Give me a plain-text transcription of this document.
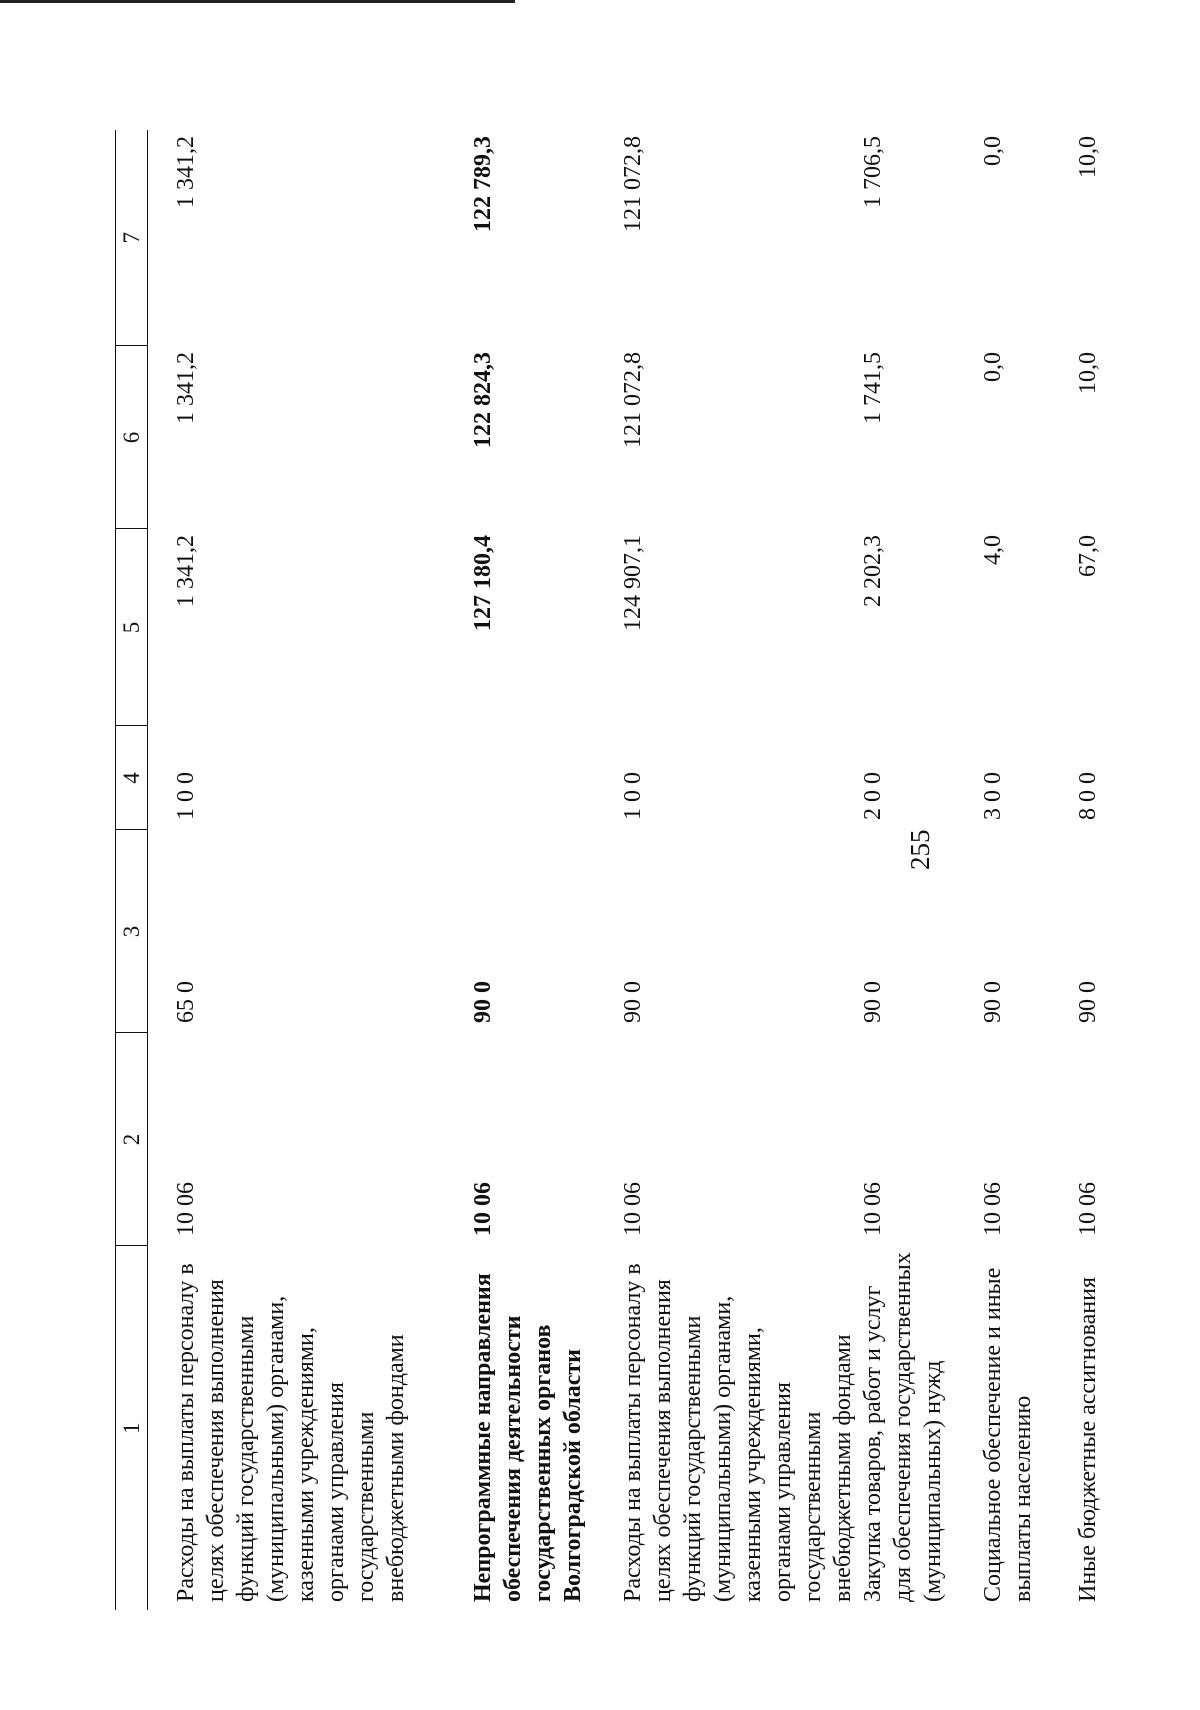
255
1	2	3	4	5	6	7
Расходы на выплаты персоналу в целях обеспечения выполнения функций государственными (муниципальными) органами, казенными учреждениями, органами управления государственными внебюджетными фондами	10 06	65 0	1 0 0	1 341,2	1 341,2	1 341,2
Непрограммные направления обеспечения деятельности государственных органов Волгоградской области	10 06	90 0		127 180,4	122 824,3	122 789,3
Расходы на выплаты персоналу в целях обеспечения выполнения функций государственными (муниципальными) органами, казенными учреждениями, органами управления государственными внебюджетными фондами	10 06	90 0	1 0 0	124 907,1	121 072,8	121 072,8
Закупка товаров, работ и услуг для обеспечения государственных (муниципальных) нужд	10 06	90 0	2 0 0	2 202,3	1 741,5	1 706,5
Социальное обеспечение и иные выплаты населению	10 06	90 0	3 0 0	4,0	0,0	0,0
Иные бюджетные ассигнования	10 06	90 0	8 0 0	67,0	10,0	10,0
